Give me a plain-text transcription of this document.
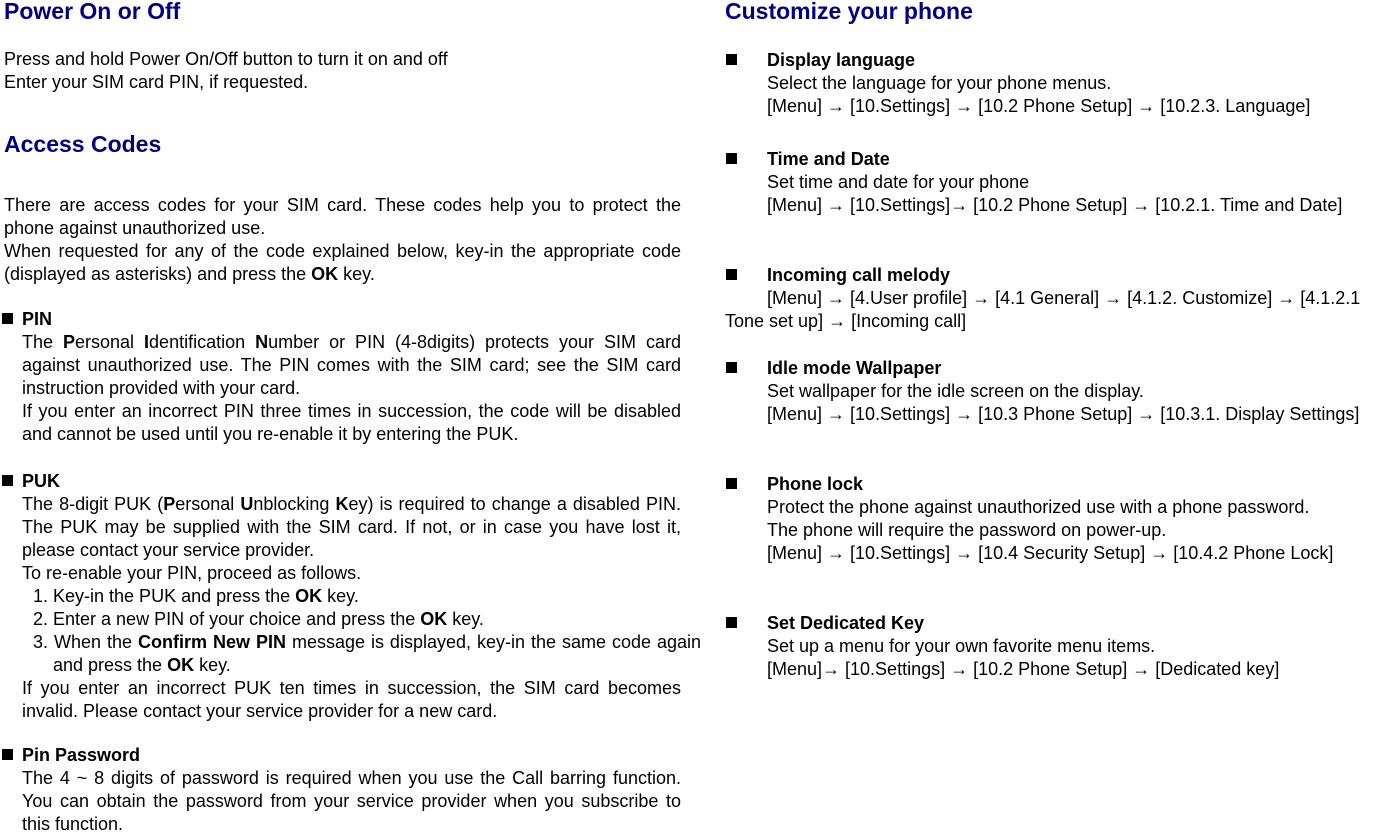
Power On or Off

Press and hold Power On/Off button to turn it on and off

Enter your SIM card PIN, if requested.

Access Codes

There are access codes for your SIM card. These codes help you to protect the phone against unauthorized use.

When requested for any of the code explained below, key-in the appropriate code (displayed as asterisks) and press the OK key.

PIN

The Personal Identification Number or PIN (4-8digits) protects your SIM card against unauthorized use. The PIN comes with the SIM card; see the SIM card instruction provided with your card.

If you enter an incorrect PIN three times in succession, the code will be disabled and cannot be used until you re-enable it by entering the PUK.

PUK

The 8-digit PUK (Personal Unblocking Key) is required to change a disabled PIN. The PUK may be supplied with the SIM card. If not, or in case you have lost it, please contact your service provider.

To re-enable your PIN, proceed as follows.

1. Key-in the PUK and press the OK key.

2. Enter a new PIN of your choice and press the OK key.

3. When the Confirm New PIN message is displayed, key-in the same code again and press the OK key.

If you enter an incorrect PUK ten times in succession, the SIM card becomes invalid. Please contact your service provider for a new card.

Pin Password

The 4 ~ 8 digits of password is required when you use the Call barring function. You can obtain the password from your service provider when you subscribe to this function.

Customize your phone

Display language

Select the language for your phone menus.

[Menu] → [10.Settings] → [10.2 Phone Setup] → [10.2.3. Language]

Time and Date

Set time and date for your phone

[Menu] → [10.Settings]→ [10.2 Phone Setup] → [10.2.1. Time and Date]

Incoming call melody

[Menu] → [4.User profile] → [4.1 General] → [4.1.2. Customize] → [4.1.2.1 Tone set up] → [Incoming call]

Idle mode Wallpaper

Set wallpaper for the idle screen on the display.

[Menu] → [10.Settings] → [10.3 Phone Setup] → [10.3.1. Display Settings]

Phone lock

Protect the phone against unauthorized use with a phone password.

The phone will require the password on power-up.

[Menu] → [10.Settings] → [10.4 Security Setup] → [10.4.2 Phone Lock]

Set Dedicated Key

Set up a menu for your own favorite menu items.

[Menu]→ [10.Settings] → [10.2 Phone Setup] → [Dedicated key]
